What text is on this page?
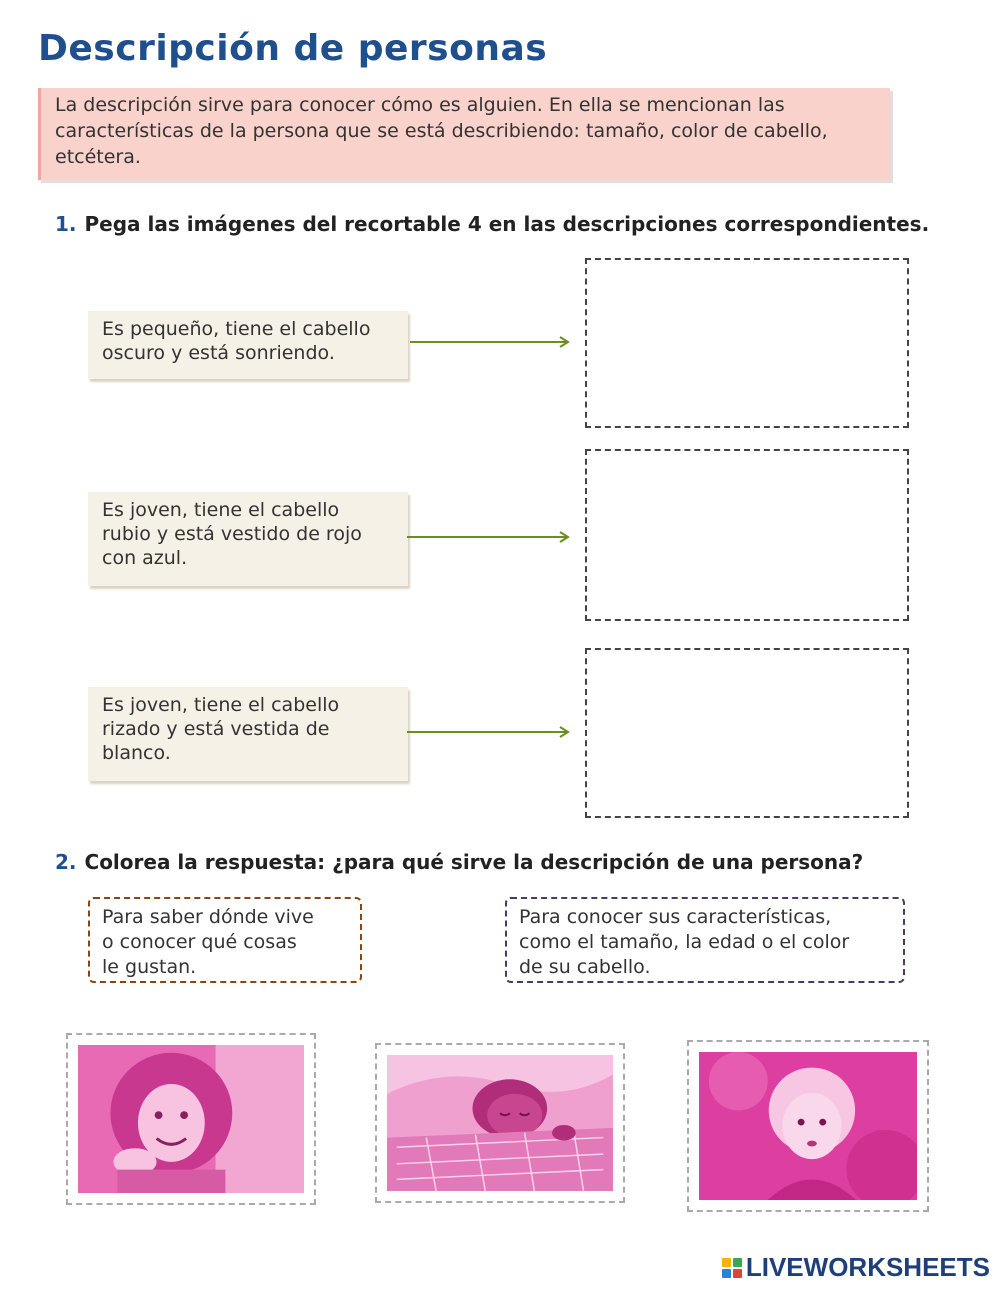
Descripción de personas
La descripción sirve para conocer cómo es alguien. En ella se mencionan las características de la persona que se está describiendo: tamaño, color de cabello, etcétera.
1. Pega las imágenes del recortable 4 en las descripciones correspondientes.
Es pequeño, tiene el cabello
oscuro y está sonriendo.
Es joven, tiene el cabello
rubio y está vestido de rojo
con azul.
Es joven, tiene el cabello
rizado y está vestida de
blanco.
2. Colorea la respuesta: ¿para qué sirve la descripción de una persona?
Para saber dónde vive
o conocer qué cosas
le gustan.
Para conocer sus características,
como el tamaño, la edad o el color
de su cabello.
LIVEWORKSHEETS
